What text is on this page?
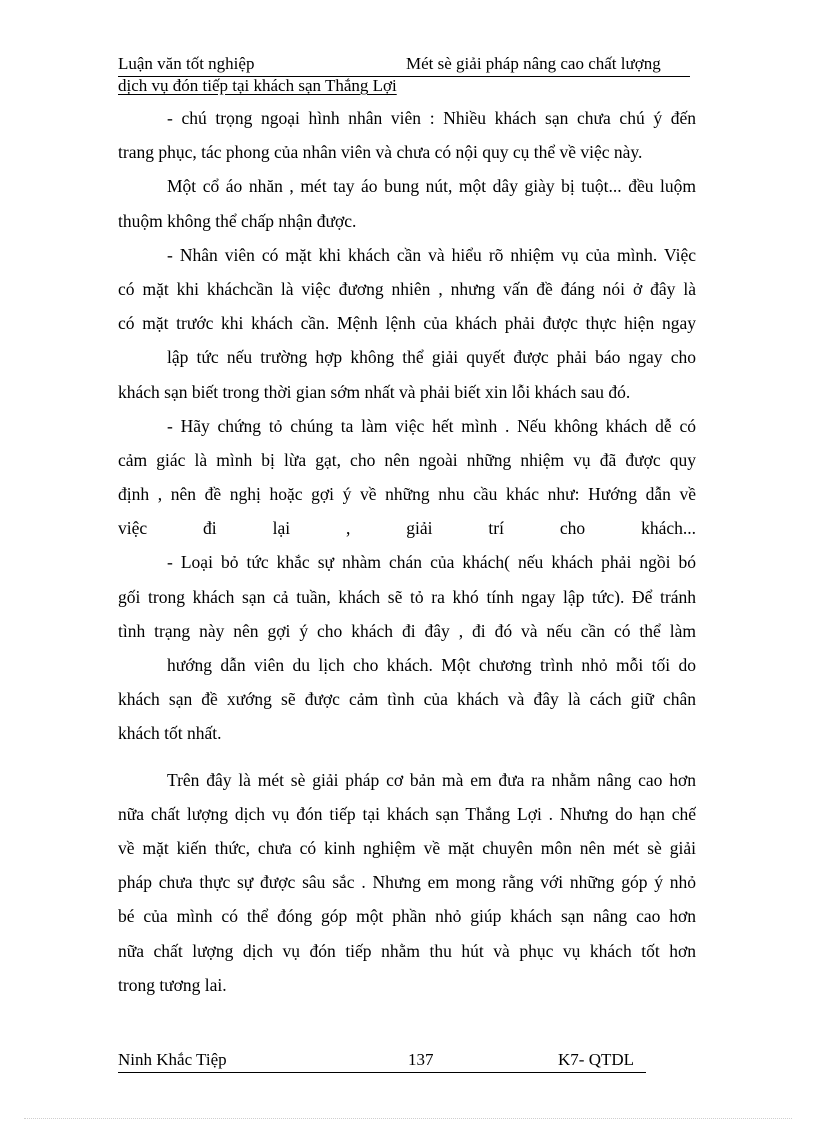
Luận văn tốt nghiệp	Mét sè giải pháp nâng cao chất lượng
dịch vụ đón tiếp tại khách sạn Thắng Lợi
- chú trọng ngoại hình nhân viên : Nhiều khách sạn chưa chú ý đến
trang phục, tác phong của nhân viên và chưa có nội quy cụ thể về việc này.
Một cổ áo nhăn , mét tay áo bung nút, một dây giày bị tuột... đều luộm
thuộm không thể chấp nhận được.
- Nhân viên có mặt khi khách cần và hiểu rõ nhiệm vụ của mình. Việc
có mặt khi kháchcần là việc đương nhiên , nhưng vấn đề đáng nói ở đây là
có mặt trước khi khách cần. Mệnh lệnh của khách phải được thực hiện ngay
lập tức nếu trường hợp không thể giải quyết được phải báo ngay cho
khách sạn biết trong thời gian sớm nhất và phải biết xin lỗi khách sau đó.
- Hãy chứng tỏ chúng ta làm việc hết mình . Nếu không khách dễ có
cảm giác là mình bị lừa gạt, cho nên ngoài những nhiệm vụ đã được quy
định , nên đề nghị hoặc gợi ý về những nhu cầu khác như: Hướng dẫn về
việc đi lại , giải trí cho khách...
- Loại bỏ tức khắc sự nhàm chán của khách( nếu khách phải ngồi bó
gối trong khách sạn cả tuần, khách sẽ tỏ ra khó tính ngay lập tức). Để tránh
tình trạng này nên gợi ý cho khách đi đây , đi đó và nếu cần có thể làm
hướng dẫn viên du lịch cho khách. Một chương trình nhỏ mỗi tối do
khách sạn đề xướng sẽ được cảm tình của khách và đây là cách giữ chân
khách tốt nhất.
Trên đây là mét sè giải pháp cơ bản mà em đưa ra nhằm nâng cao hơn
nữa chất lượng dịch vụ đón tiếp tại khách sạn Thắng Lợi . Nhưng do hạn chế
về mặt kiến thức, chưa có kinh nghiệm về mặt chuyên môn nên mét sè giải
pháp chưa thực sự được sâu sắc . Nhưng em mong rằng với những góp ý nhỏ
bé của mình có thể đóng góp một phần nhỏ giúp khách sạn nâng cao hơn
nữa chất lượng dịch vụ đón tiếp nhằm thu hút và phục vụ khách tốt hơn
trong tương lai.
Ninh Khắc Tiệp	137	K7- QTDL
